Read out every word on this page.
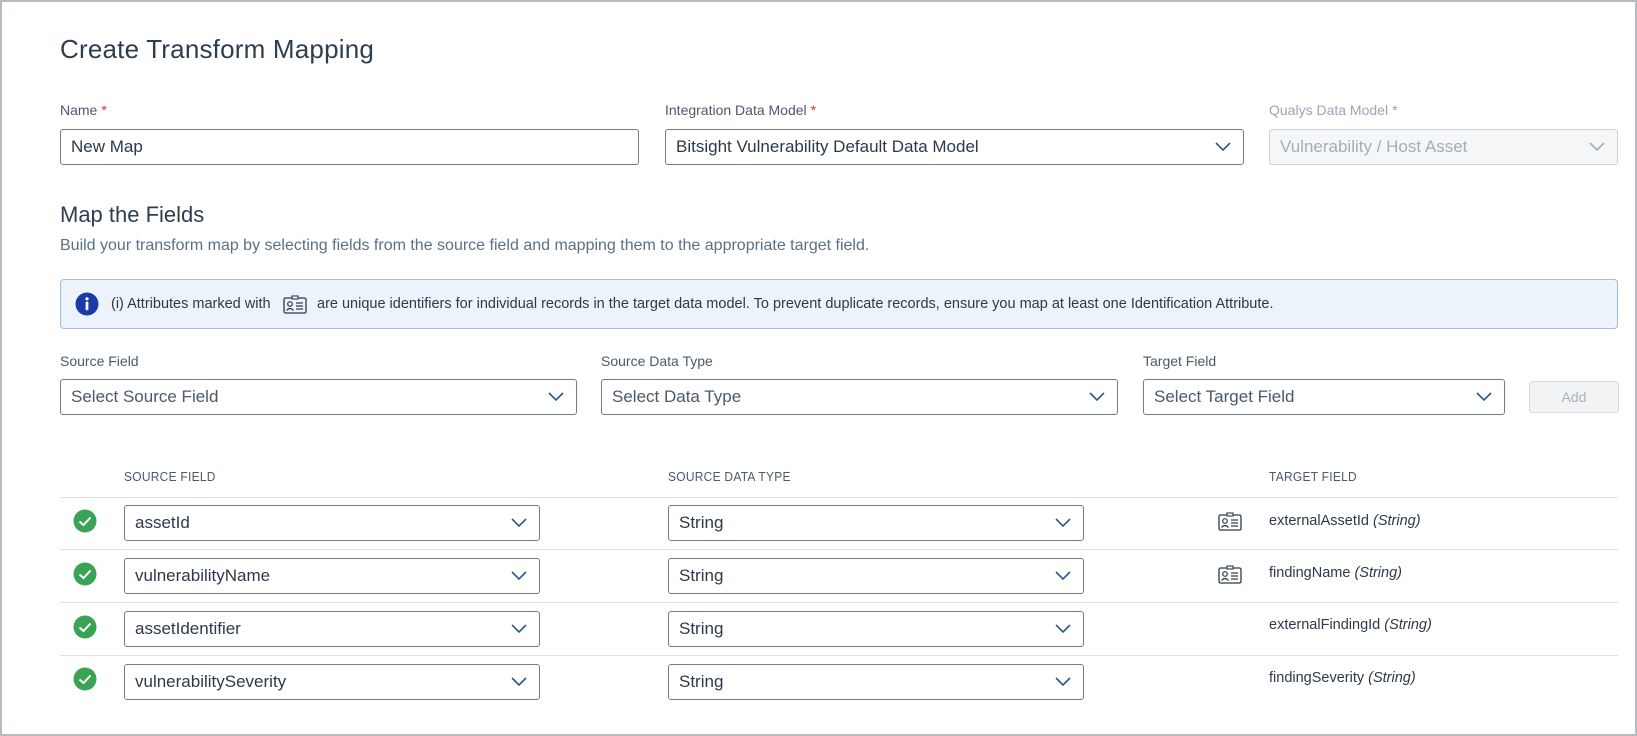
Create Transform Mapping
Name *
New Map	Integration Data Model *
Bitsight Vulnerability Default Data Model
Qualys Data Model *
Vulnerability / Host Asset
Map the Fields
Build your transform map by selecting fields from the source field and mapping them to the appropriate target field.
(i) Attributes marked with	are unique identifiers for individual records in the target data model. To prevent duplicate records, ensure you map at least one Identification Attribute.
Source Field
Select Source Field
Source Data Type
Select Data Type
Target Field
Select Target Field	Add
SOURCE FIELD	SOURCE DATA TYPE	TARGET FIELD
assetId	String	externalAssetId (String)
vulnerabilityName	String	findingName (String)
assetIdentifier	String	externalFindingId (String)
vulnerabilitySeverity	String	findingSeverity (String)
